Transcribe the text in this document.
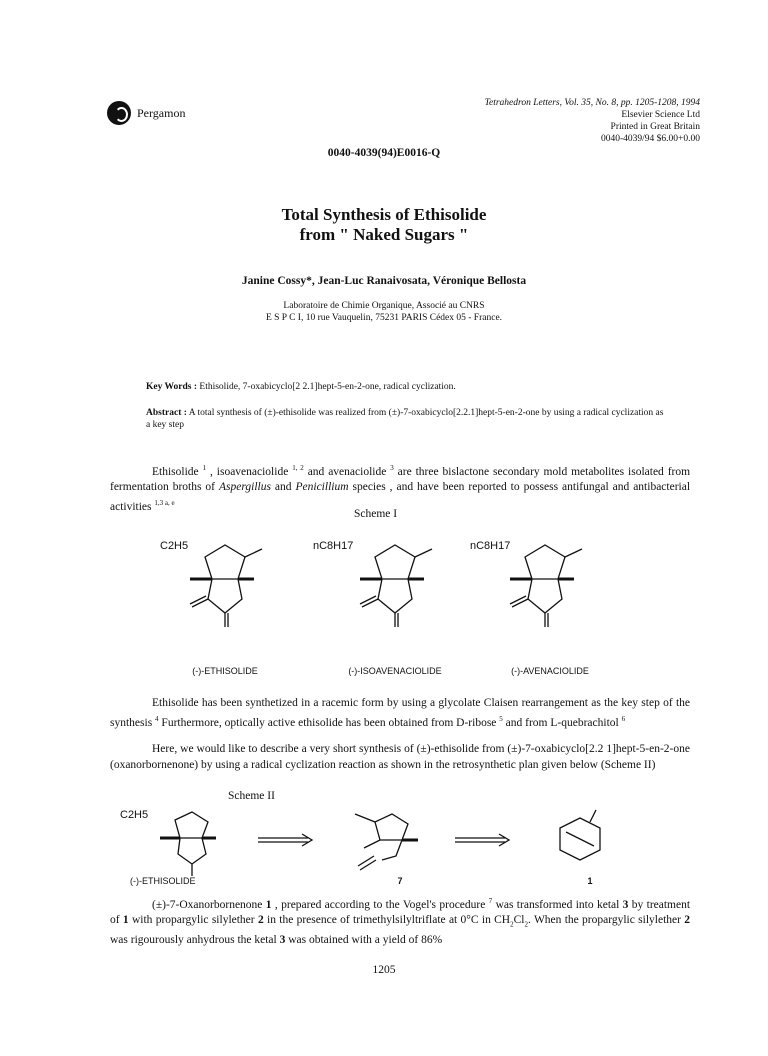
Pergamon
Tetrahedron Letters, Vol. 35, No. 8, pp. 1205-1208, 1994
Elsevier Science Ltd
Printed in Great Britain
0040-4039/94 $6.00+0.00
0040-4039(94)E0016-Q
Total Synthesis of Ethisolide
from " Naked Sugars "
Janine Cossy*, Jean-Luc Ranaivosata, Véronique Bellosta
Laboratoire de Chimie Organique, Associé au CNRS
E S P C I, 10 rue Vauquelin, 75231 PARIS Cédex 05 - France.
Key Words : Ethisolide, 7-oxabicyclo[2 2.1]hept-5-en-2-one, radical cyclization.
Abstract : A total synthesis of (±)-ethisolide was realized from (±)-7-oxabicyclo[2.2.1]hept-5-en-2-one by using a radical cyclization as a key step
Ethisolide $^1$ , isoavenaciolide $^{1, 2}$ and avenaciolide $^3$ are three bislactone secondary mold metabolites isolated from fermentation broths of Aspergillus and Penicillium species , and have been reported to possess antifungal and antibacterial activities $^{1,3 a, e}$
Scheme I
C2H5	nC8H17	nC8H17
(-)-ETHISOLIDE	(-)-ISOAVENACIOLIDE	(-)-AVENACIOLIDE
Ethisolide has been synthetized in a racemic form by using a glycolate Claisen rearrangement as the key step of the synthesis $^4$ Furthermore, optically active ethisolide has been obtained from D-ribose $^5$ and from L-quebrachitol $^6$
Here, we would like to describe a very short synthesis of (±)-ethisolide from (±)-7-oxabicyclo[2.2 1]hept-5-en-2-one (oxanorbornenone) by using a radical cyclization reaction as shown in the retrosynthetic plan given below (Scheme II)
Scheme II
C2H5
(-)-ETHISOLIDE	7	1
(±)-7-Oxanorbornenone 1 , prepared according to the Vogel's procedure $^7$ was transformed into ketal 3 by treatment of 1 with propargylic silylether 2 in the presence of trimethylsilyltriflate at 0°C in $CH_2Cl_2$. When the propargylic silylether 2 was rigourously anhydrous the ketal 3 was obtained with a yield of 86%
1205
